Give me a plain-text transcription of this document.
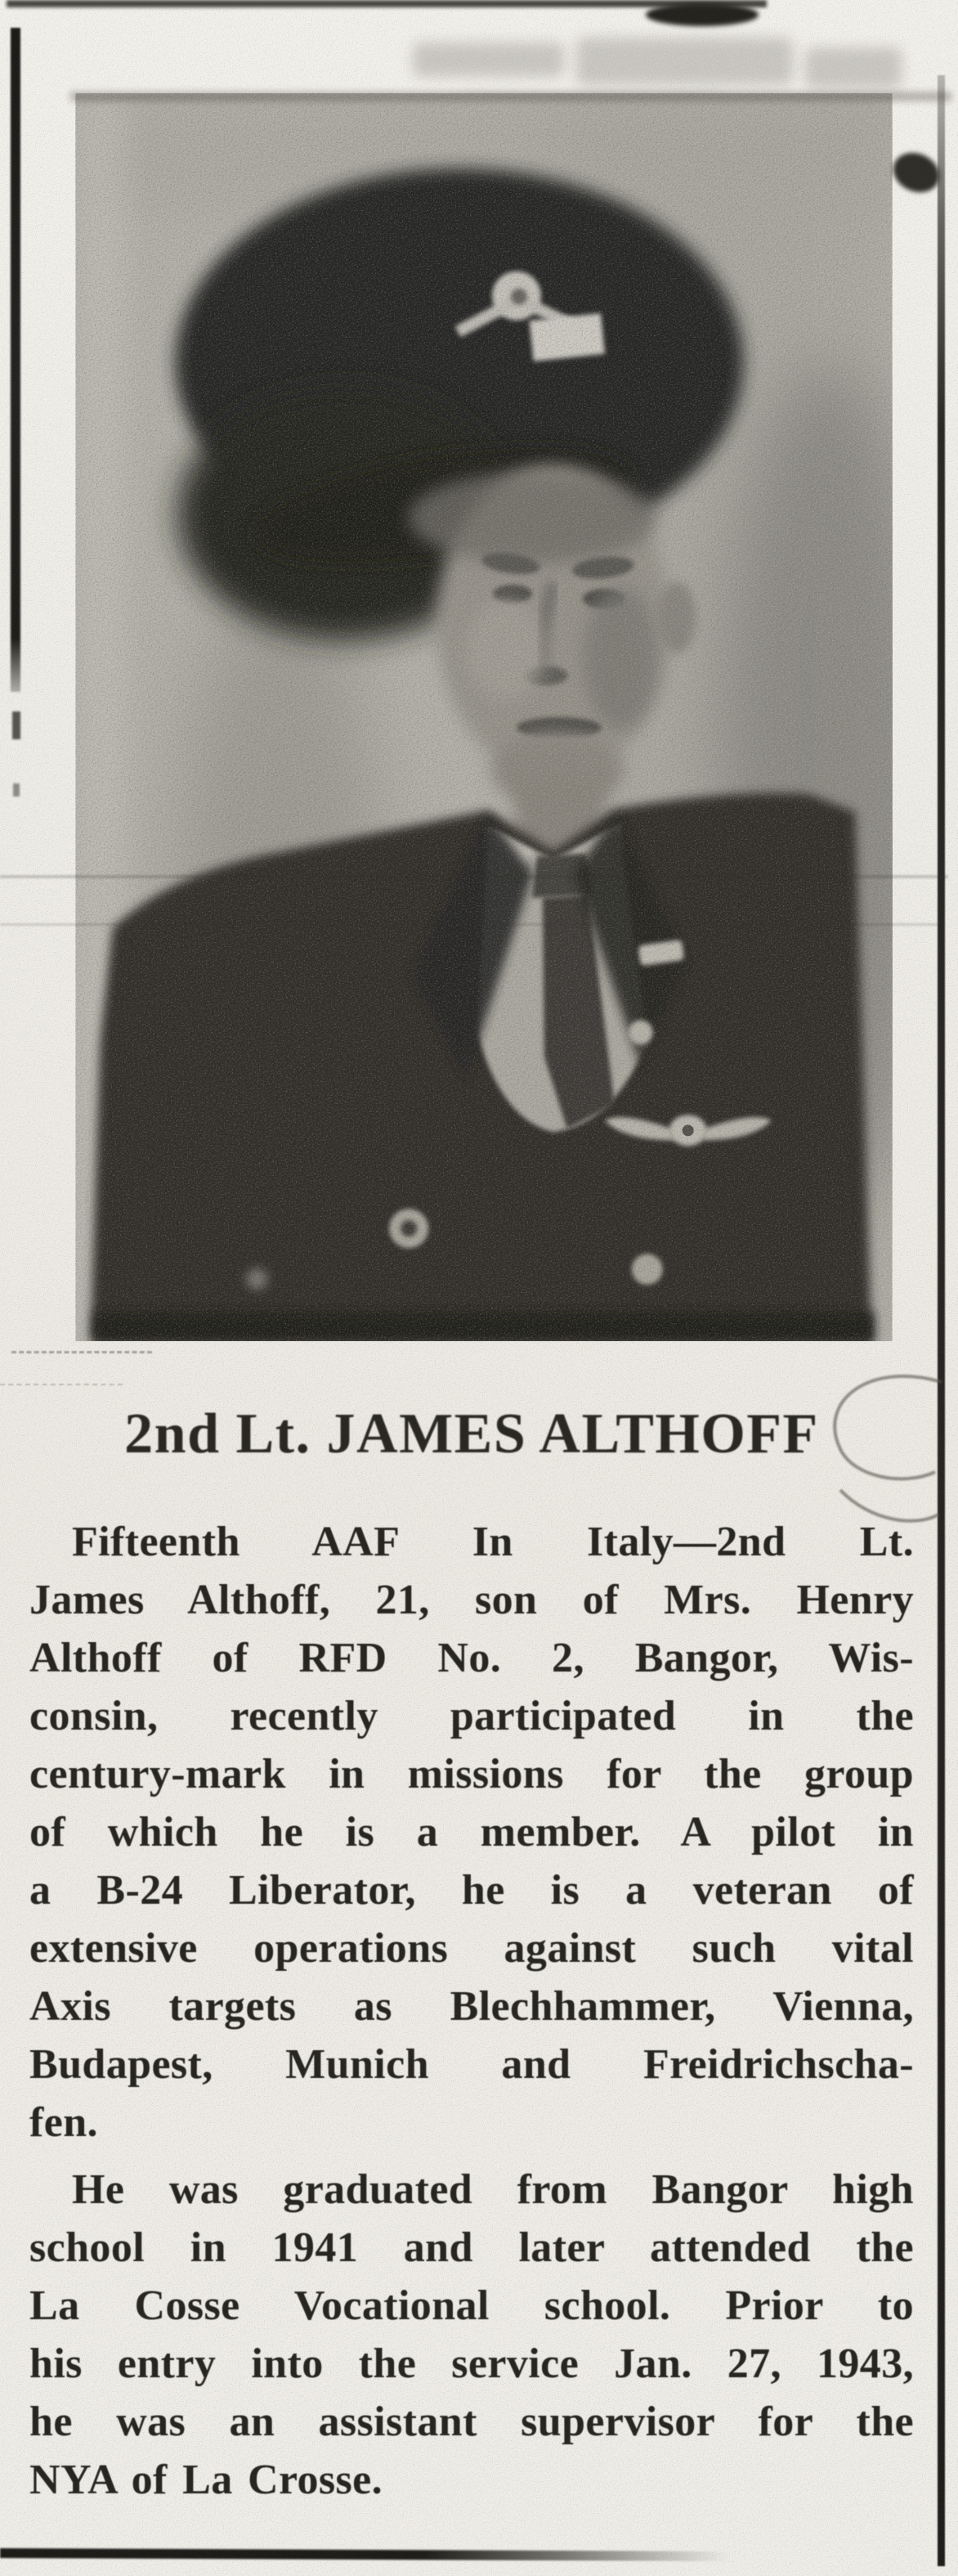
2nd Lt. JAMES ALTHOFF

Fifteenth AAF In Italy—2nd Lt.

James Althoff, 21, son of Mrs. Henry

Althoff of RFD No. 2, Bangor, Wis-

consin, recently participated in the

century-mark in missions for the group

of which he is a member. A pilot in

a B-24 Liberator, he is a veteran of

extensive operations against such vital

Axis targets as Blechhammer, Vienna,

Budapest, Munich and Freidrichscha-

fen.

He was graduated from Bangor high

school in 1941 and later attended the

La Cosse Vocational school. Prior to

his entry into the service Jan. 27, 1943,

he was an assistant supervisor for the

NYA of La Crosse.
